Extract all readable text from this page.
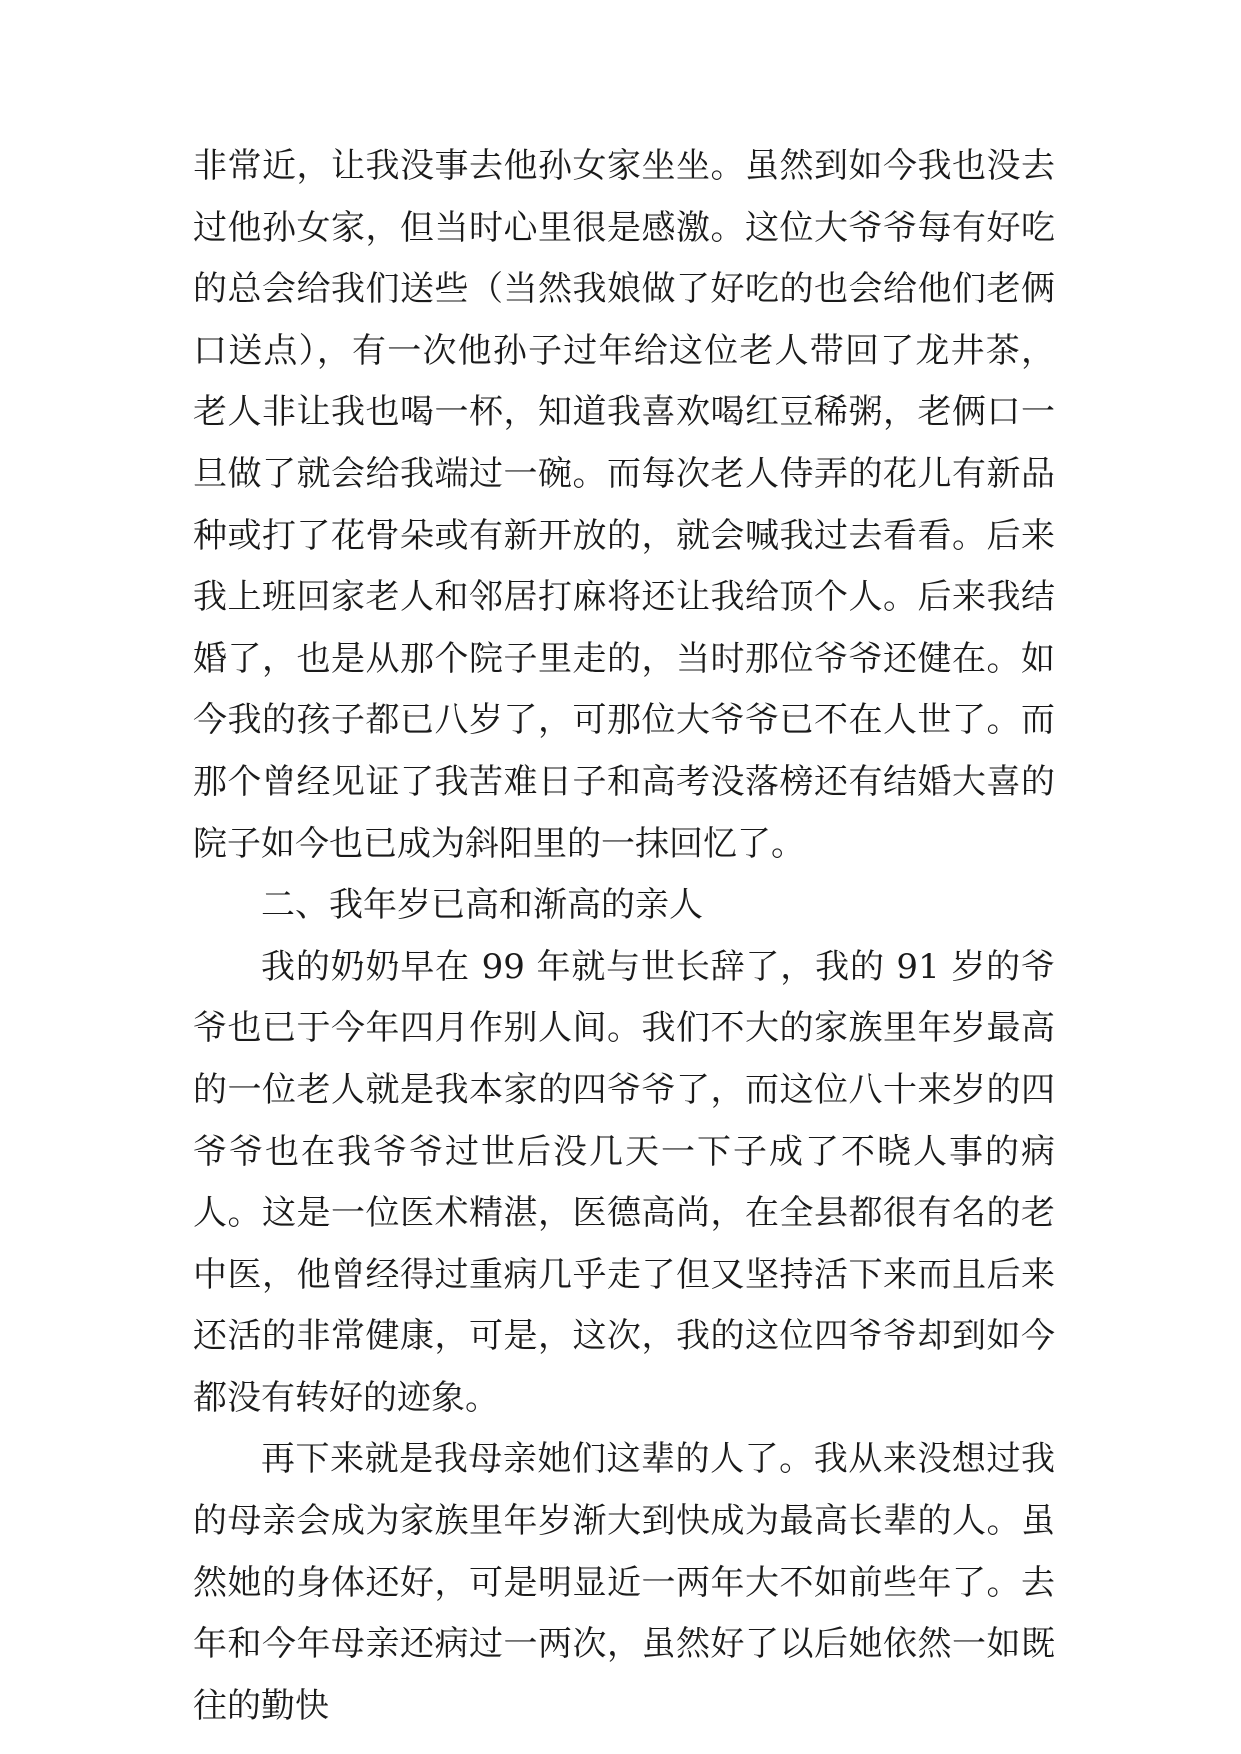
非常近，让我没事去他孙女家坐坐。虽然到如今我也没去过他孙女家，但当时心里很是感激。这位大爷爷每有好吃的总会给我们送些（当然我娘做了好吃的也会给他们老俩口送点），有一次他孙子过年给这位老人带回了龙井茶，老人非让我也喝一杯，知道我喜欢喝红豆稀粥，老俩口一旦做了就会给我端过一碗。而每次老人侍弄的花儿有新品种或打了花骨朵或有新开放的，就会喊我过去看看。后来我上班回家老人和邻居打麻将还让我给顶个人。后来我结婚了，也是从那个院子里走的，当时那位爷爷还健在。如今我的孩子都已八岁了，可那位大爷爷已不在人世了。而那个曾经见证了我苦难日子和高考没落榜还有结婚大喜的院子如今也已成为斜阳里的一抹回忆了。

二、我年岁已高和渐高的亲人

我的奶奶早在 99 年就与世长辞了，我的 91 岁的爷爷也已于今年四月作别人间。我们不大的家族里年岁最高的一位老人就是我本家的四爷爷了，而这位八十来岁的四爷爷也在我爷爷过世后没几天一下子成了不晓人事的病人。这是一位医术精湛，医德高尚，在全县都很有名的老中医，他曾经得过重病几乎走了但又坚持活下来而且后来还活的非常健康，可是，这次，我的这位四爷爷却到如今都没有转好的迹象。

再下来就是我母亲她们这辈的人了。我从来没想过我的母亲会成为家族里年岁渐大到快成为最高长辈的人。虽然她的身体还好，可是明显近一两年大不如前些年了。去年和今年母亲还病过一两次，虽然好了以后她依然一如既往的勤快
